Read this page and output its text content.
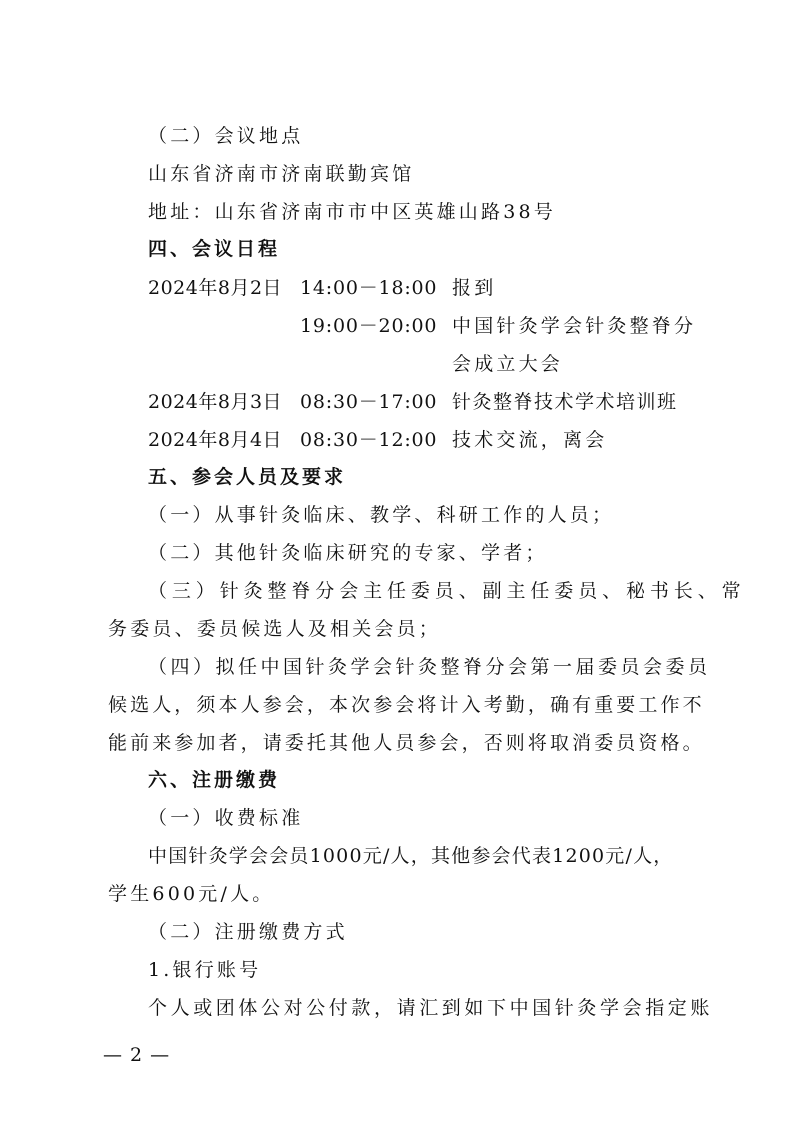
（二）会议地点
山东省济南市济南联勤宾馆
地址：山东省济南市市中区英雄山路38号
四、会议日程
2024年8月2日 14:00－18:00 报到
19:00－20:00 中国针灸学会针灸整脊分
会成立大会
2024年8月3日 08:30－17:00 针灸整脊技术学术培训班
2024年8月4日 08:30－12:00 技术交流，离会
五、参会人员及要求
（一）从事针灸临床、教学、科研工作的人员；
（二）其他针灸临床研究的专家、学者；
（三）针灸整脊分会主任委员、副主任委员、秘书长、常
务委员、委员候选人及相关会员；
（四）拟任中国针灸学会针灸整脊分会第一届委员会委员
候选人，须本人参会，本次参会将计入考勤，确有重要工作不
能前来参加者，请委托其他人员参会，否则将取消委员资格。
六、注册缴费
（一）收费标准
中国针灸学会会员1000元/人，其他参会代表1200元/人，
学生600元/人。
（二）注册缴费方式
1.银行账号
个人或团体公对公付款，请汇到如下中国针灸学会指定账
— 2 —
